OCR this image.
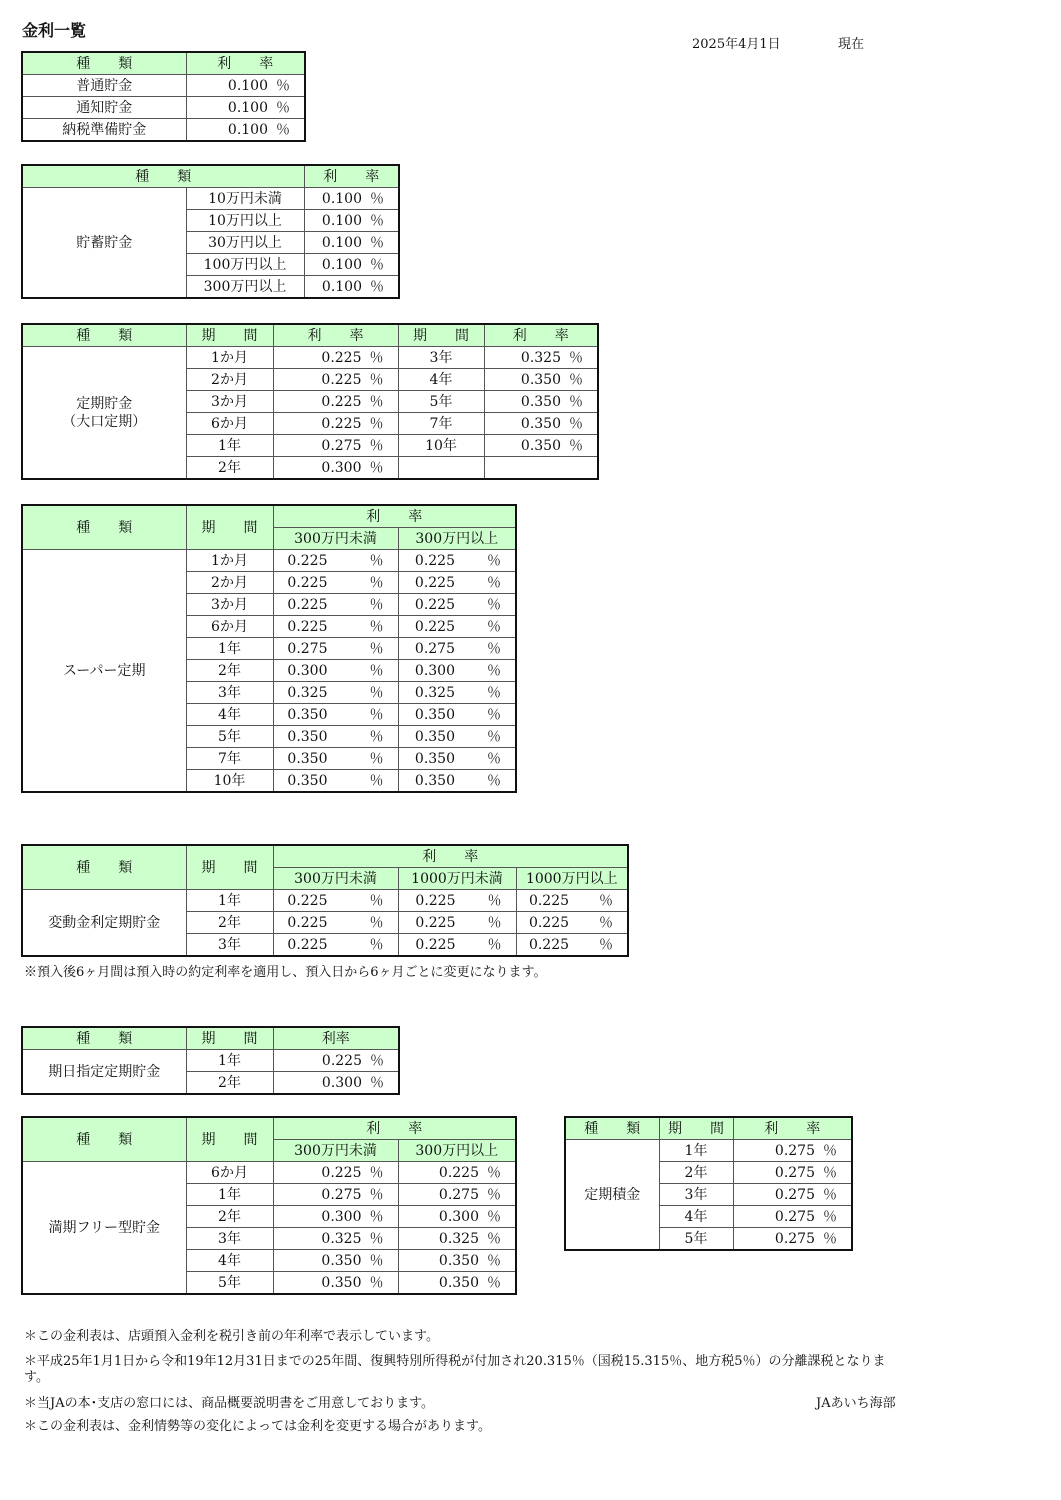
金利一覧
2025年4月1日	現在
種　　類	利　　率
普通貯金	0.100 ％
通知貯金	0.100 ％
納税準備貯金	0.100 ％
種　　類		利　　率
貯蓄貯金	10万円未満	0.100 ％
	10万円以上	0.100 ％
	30万円以上	0.100 ％
	100万円以上	0.100 ％
	300万円以上	0.100 ％
種　　類	期　　間	利　　率	期　　間	利　　率
定期貯金
（大口定期）	1か月	0.225 ％	3年	0.325 ％
	2か月	0.225 ％	4年	0.350 ％
	3か月	0.225 ％	5年	0.350 ％
	6か月	0.225 ％	7年	0.350 ％
	1年	0.275 ％	10年	0.350 ％
	2年	0.300 ％		
種　　類	期　　間	利　　率	
		300万円未満	300万円以上
スーパー定期	1か月	0.225 ％	0.225 ％
	2か月	0.225 ％	0.225 ％
	3か月	0.225 ％	0.225 ％
	6か月	0.225 ％	0.225 ％
	1年	0.275 ％	0.275 ％
	2年	0.300 ％	0.300 ％
	3年	0.325 ％	0.325 ％
	4年	0.350 ％	0.350 ％
	5年	0.350 ％	0.350 ％
	7年	0.350 ％	0.350 ％
	10年	0.350 ％	0.350 ％
種　　類	期　　間	利　　率		
		300万円未満	1000万円未満	1000万円以上
変動金利定期貯金	1年	0.225 ％	0.225 ％	0.225 ％
	2年	0.225 ％	0.225 ％	0.225 ％
	3年	0.225 ％	0.225 ％	0.225 ％
※預入後6ヶ月間は預入時の約定利率を適用し、預入日から6ヶ月ごとに変更になります。
種　　類	期　　間	利率
期日指定定期貯金	1年	0.225 ％
	2年	0.300 ％
種　　類	期　　間	利　　率	
		300万円未満	300万円以上
満期フリー型貯金	6か月	0.225 ％	0.225 ％
	1年	0.275 ％	0.275 ％
	2年	0.300 ％	0.300 ％
	3年	0.325 ％	0.325 ％
	4年	0.350 ％	0.350 ％
	5年	0.350 ％	0.350 ％
種　　類	期　　間	利　　率
定期積金	1年	0.275 ％
	2年	0.275 ％
	3年	0.275 ％
	4年	0.275 ％
	5年	0.275 ％
＊この金利表は、店頭預入金利を税引き前の年利率で表示しています。
＊平成25年1月1日から令和19年12月31日までの25年間、復興特別所得税が付加され20.315％（国税15.315％、地方税5％）の分離課税となりま
す。
＊当JAの本･支店の窓口には、商品概要説明書をご用意しております。	JAあいち海部
＊この金利表は、金利情勢等の変化によっては金利を変更する場合があります。
